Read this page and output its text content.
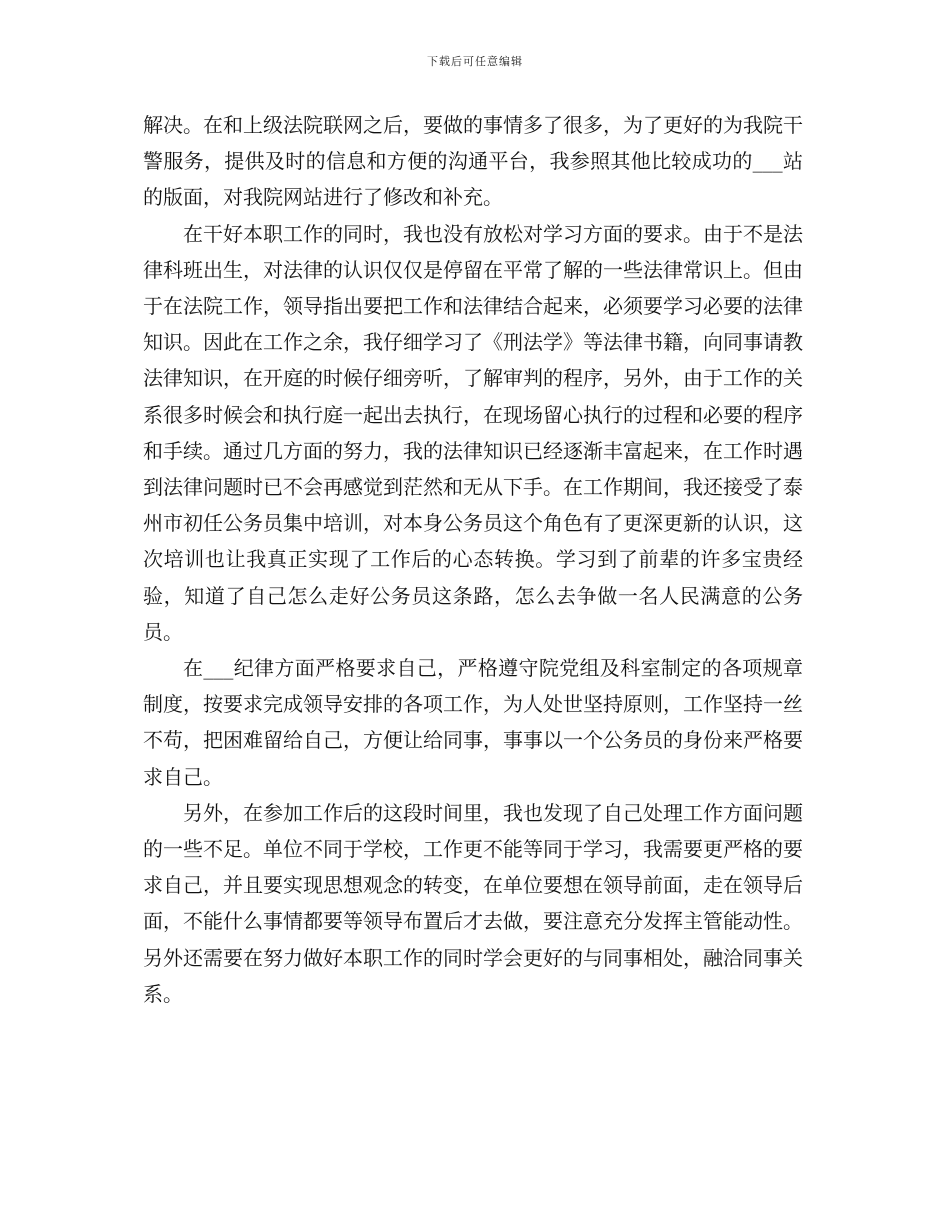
下载后可任意编辑

解决。在和上级法院联网之后，要做的事情多了很多，为了更好的为我院干警服务，提供及时的信息和方便的沟通平台，我参照其他比较成功的___站的版面，对我院网站进行了修改和补充。

在干好本职工作的同时，我也没有放松对学习方面的要求。由于不是法律科班出生，对法律的认识仅仅是停留在平常了解的一些法律常识上。但由于在法院工作，领导指出要把工作和法律结合起来，必须要学习必要的法律知识。因此在工作之余，我仔细学习了《刑法学》等法律书籍，向同事请教法律知识，在开庭的时候仔细旁听，了解审判的程序，另外，由于工作的关系很多时候会和执行庭一起出去执行，在现场留心执行的过程和必要的程序和手续。通过几方面的努力，我的法律知识已经逐渐丰富起来，在工作时遇到法律问题时已不会再感觉到茫然和无从下手。在工作期间，我还接受了泰州市初任公务员集中培训，对本身公务员这个角色有了更深更新的认识，这次培训也让我真正实现了工作后的心态转换。学习到了前辈的许多宝贵经验，知道了自己怎么走好公务员这条路，怎么去争做一名人民满意的公务员。

在___纪律方面严格要求自己，严格遵守院党组及科室制定的各项规章制度，按要求完成领导安排的各项工作，为人处世坚持原则，工作坚持一丝不苟，把困难留给自己，方便让给同事，事事以一个公务员的身份来严格要求自己。

另外，在参加工作后的这段时间里，我也发现了自己处理工作方面问题的一些不足。单位不同于学校，工作更不能等同于学习，我需要更严格的要求自己，并且要实现思想观念的转变，在单位要想在领导前面，走在领导后面，不能什么事情都要等领导布置后才去做，要注意充分发挥主管能动性。另外还需要在努力做好本职工作的同时学会更好的与同事相处，融洽同事关系。
